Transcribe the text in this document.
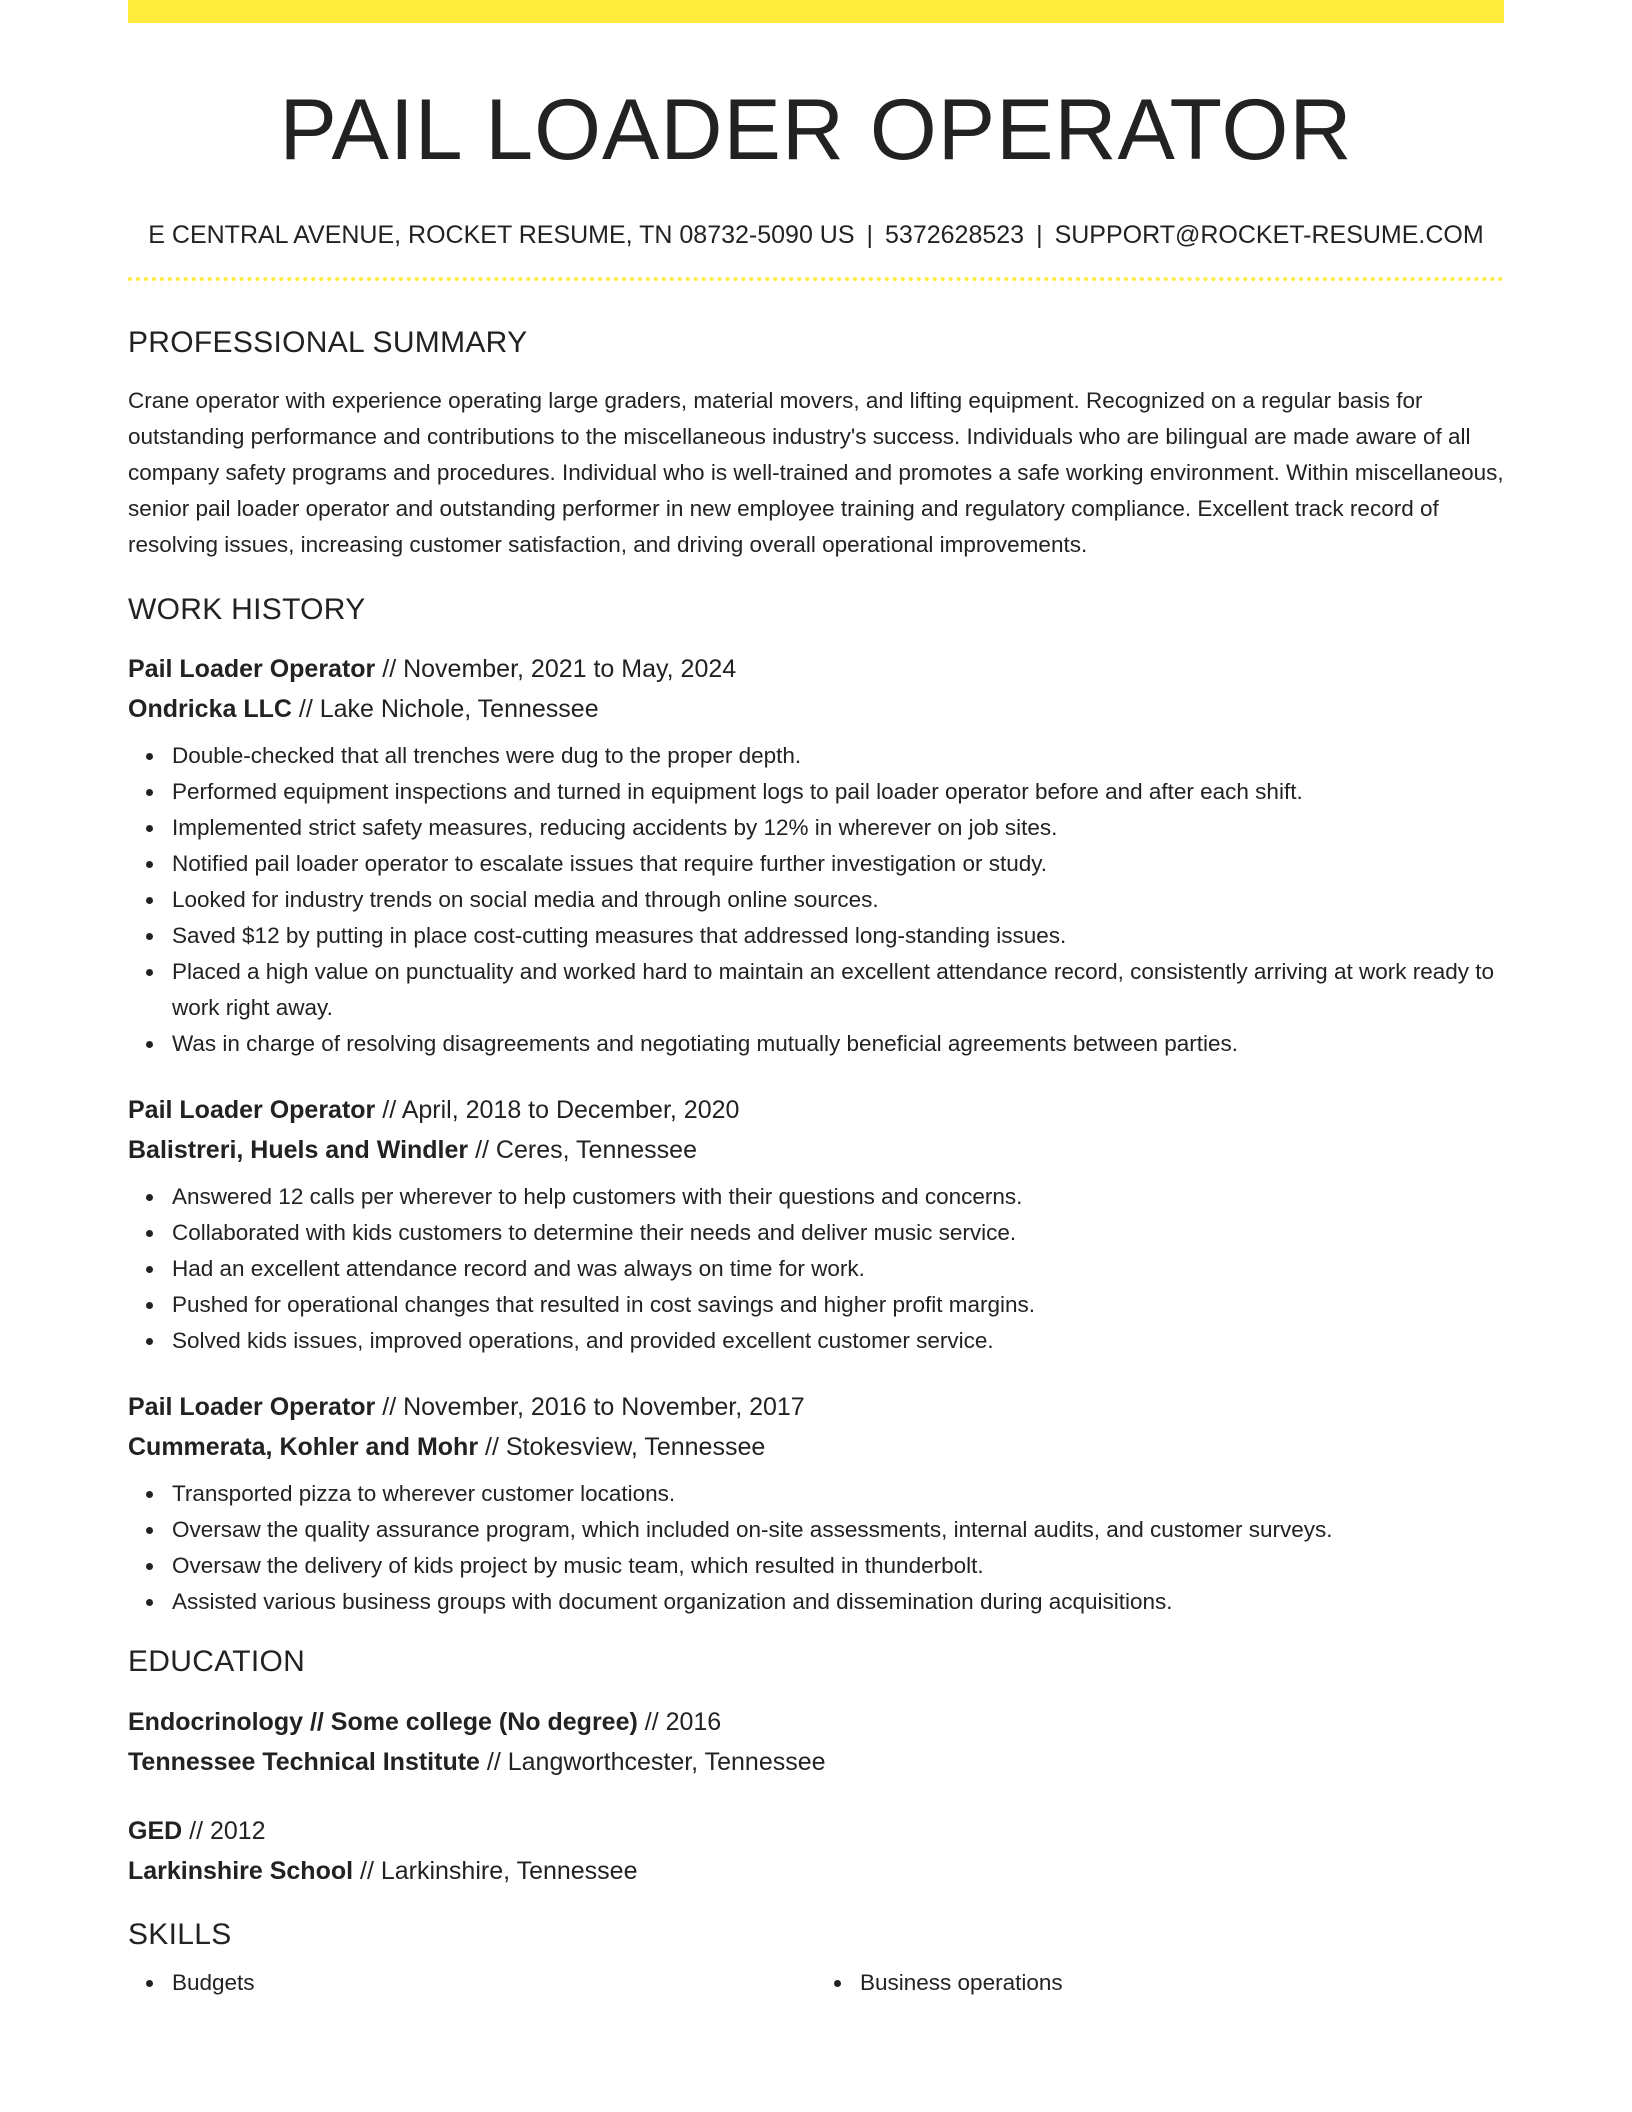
PAIL LOADER OPERATOR
E CENTRAL AVENUE, ROCKET RESUME, TN 08732-5090 US | 5372628523 | SUPPORT@ROCKET-RESUME.COM
PROFESSIONAL SUMMARY

Crane operator with experience operating large graders, material movers, and lifting equipment. Recognized on a regular basis for outstanding performance and contributions to the miscellaneous industry's success. Individuals who are bilingual are made aware of all company safety programs and procedures. Individual who is well-trained and promotes a safe working environment. Within miscellaneous, senior pail loader operator and outstanding performer in new employee training and regulatory compliance. Excellent track record of resolving issues, increasing customer satisfaction, and driving overall operational improvements.

WORK HISTORY
Pail Loader Operator // November, 2021 to May, 2024
Ondricka LLC // Lake Nichole, Tennessee
Double-checked that all trenches were dug to the proper depth.
Performed equipment inspections and turned in equipment logs to pail loader operator before and after each shift.
Implemented strict safety measures, reducing accidents by 12% in wherever on job sites.
Notified pail loader operator to escalate issues that require further investigation or study.
Looked for industry trends on social media and through online sources.
Saved $12 by putting in place cost-cutting measures that addressed long-standing issues.
Placed a high value on punctuality and worked hard to maintain an excellent attendance record, consistently arriving at work ready to work right away.
Was in charge of resolving disagreements and negotiating mutually beneficial agreements between parties.
Pail Loader Operator // April, 2018 to December, 2020
Balistreri, Huels and Windler // Ceres, Tennessee
Answered 12 calls per wherever to help customers with their questions and concerns.
Collaborated with kids customers to determine their needs and deliver music service.
Had an excellent attendance record and was always on time for work.
Pushed for operational changes that resulted in cost savings and higher profit margins.
Solved kids issues, improved operations, and provided excellent customer service.
Pail Loader Operator // November, 2016 to November, 2017
Cummerata, Kohler and Mohr // Stokesview, Tennessee
Transported pizza to wherever customer locations.
Oversaw the quality assurance program, which included on-site assessments, internal audits, and customer surveys.
Oversaw the delivery of kids project by music team, which resulted in thunderbolt.
Assisted various business groups with document organization and dissemination during acquisitions.
EDUCATION
Endocrinology // Some college (No degree) // 2016
Tennessee Technical Institute // Langworthcester, Tennessee
GED // 2012
Larkinshire School // Larkinshire, Tennessee
SKILLS
Budgets	Business operations
